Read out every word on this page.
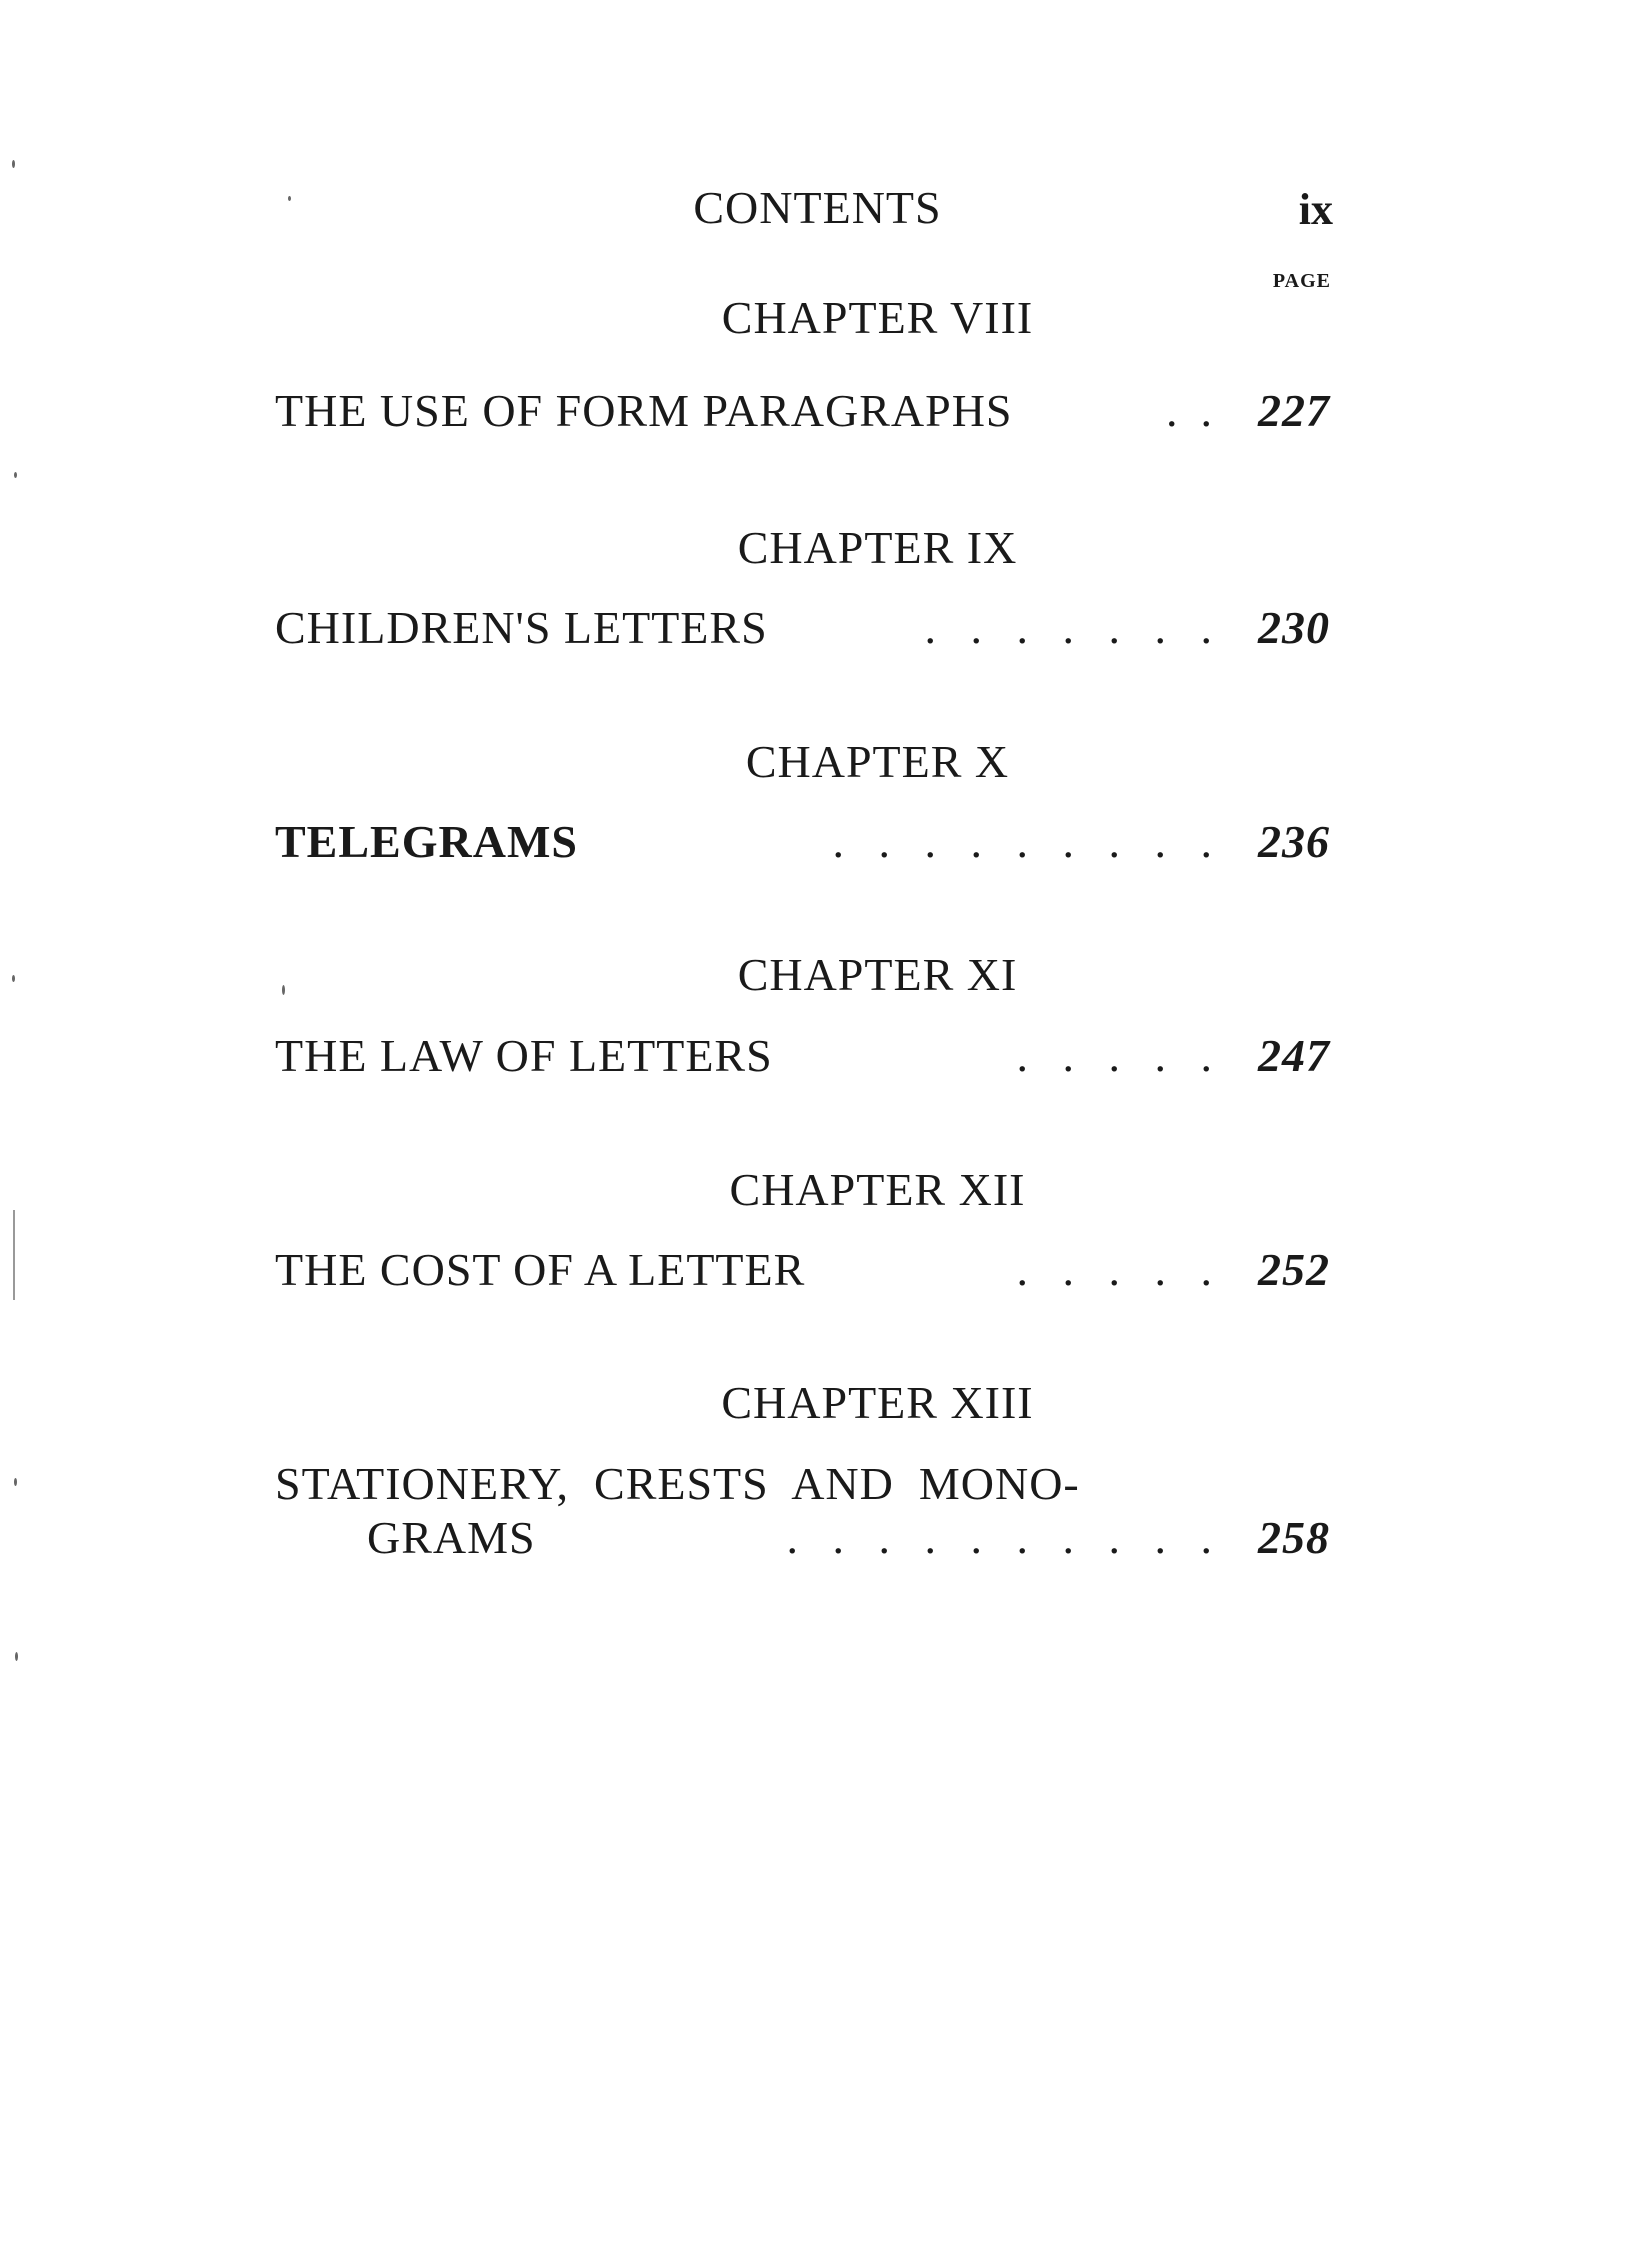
CONTENTS	ix
PAGE
CHAPTER VIII
THE USE OF FORM PARAGRAPHS	.  . 227
CHAPTER IX
CHILDREN'S LETTERS	.   .   .   .   .   .   . 230
CHAPTER X
TELEGRAMS	.   .   .   .   .   .   .   .   . 236
CHAPTER XI
THE LAW OF LETTERS	.   .   .   .   . 247
CHAPTER XII
THE COST OF A LETTER	.   .   .   .   . 252
CHAPTER XIII
STATIONERY,  CRESTS  AND  MONO-
GRAMS	.   .   .   .   .   .   .   .   .   . 258
